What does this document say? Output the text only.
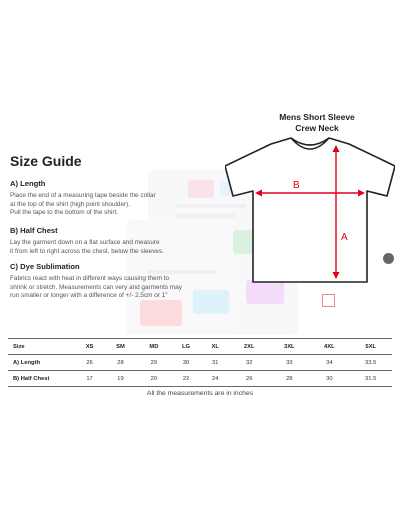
Mens Short Sleeve
Crew Neck
B
A
Size Guide
A) Length

Place the end of a measuring tape beside the collar
at the top of the shirt (high point shoulder).
Pull the tape to the bottom of the shirt.

B) Half Chest

Lay the garment down on a flat surface and measure
it from left to right across the chest, below the sleeves.

C) Dye Sublimation

Fabrics react with heat in different ways causing them to
shrink or stretch. Measurements can very and garments may
run smaller or longer with a difference of +/- 2.5cm or 1"

Size	XS	SM	MD	LG	XL	2XL	3XL	4XL	5XL
A) Length	26	28	29	30	31	32	33	34	33.5
B) Half Chest	17	19	20	22	24	26	28	30	31.5
All the measurements are in inches
